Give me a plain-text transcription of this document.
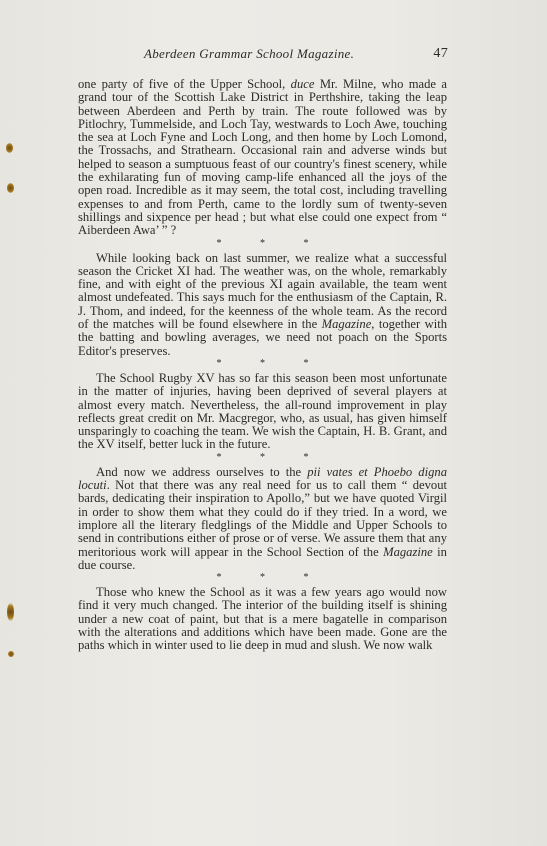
Aberdeen Grammar School Magazine.	47

one party of five of the Upper School, duce Mr. Milne, who made a grand tour of the Scottish Lake District in Perthshire, taking the leap between Aberdeen and Perth by train. The route followed was by Pitlochry, Tummelside, and Loch Tay, westwards to Loch Awe, touching the sea at Loch Fyne and Loch Long, and then home by Loch Lomond, the Trossachs, and Strathearn. Occasional rain and adverse winds but helped to season a sumptuous feast of our country's finest scenery, while the exhilarating fun of moving camp-life enhanced all the joys of the open road. Incredible as it may seem, the total cost, including travelling expenses to and from Perth, came to the lordly sum of twenty-seven shillings and sixpence per head ; but what else could one expect from “ Aiberdeen Awa’ ” ?

* * *

While looking back on last summer, we realize what a successful season the Cricket XI had. The weather was, on the whole, remarkably fine, and with eight of the previous XI again available, the team went almost undefeated. This says much for the enthusiasm of the Captain, R. J. Thom, and indeed, for the keenness of the whole team. As the record of the matches will be found elsewhere in the Magazine, together with the batting and bowling averages, we need not poach on the Sports Editor's preserves.

* * *

The School Rugby XV has so far this season been most unfortunate in the matter of injuries, having been deprived of several players at almost every match. Nevertheless, the all-round improvement in play reflects great credit on Mr. Macgregor, who, as usual, has given himself unsparingly to coaching the team. We wish the Captain, H. B. Grant, and the XV itself, better luck in the future.

* * *

And now we address ourselves to the pii vates et Phoebo digna locuti. Not that there was any real need for us to call them “ devout bards, dedicating their inspiration to Apollo,” but we have quoted Virgil in order to show them what they could do if they tried. In a word, we implore all the literary fledglings of the Middle and Upper Schools to send in contributions either of prose or of verse. We assure them that any meritorious work will appear in the School Section of the Magazine in due course.

* * *

Those who knew the School as it was a few years ago would now find it very much changed. The interior of the building itself is shining under a new coat of paint, but that is a mere bagatelle in comparison with the alterations and additions which have been made. Gone are the paths which in winter used to lie deep in mud and slush. We now walk
